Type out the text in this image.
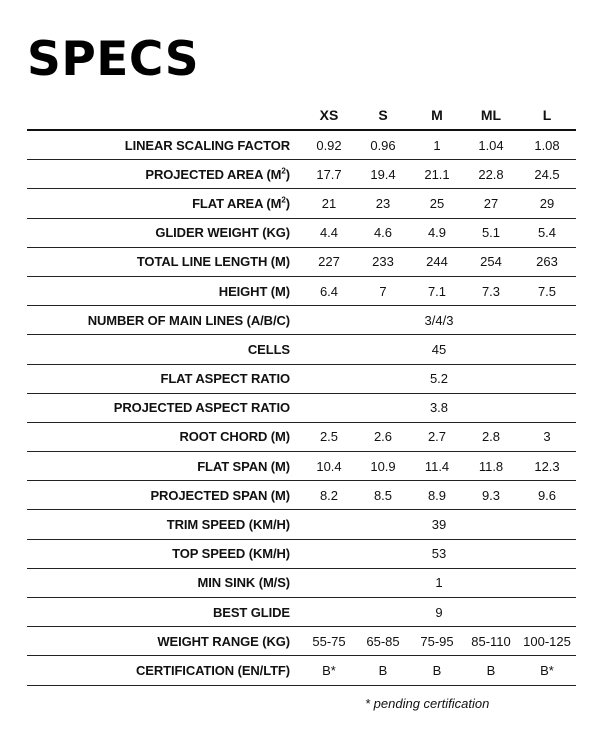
SPECS
	XS	S	M	ML	L
LINEAR SCALING FACTOR	0.92	0.96	1	1.04	1.08
PROJECTED AREA $(M^2)$	17.7	19.4	21.1	22.8	24.5
FLAT AREA $(M^2)$	21	23	25	27	29
GLIDER WEIGHT (KG)	4.4	4.6	4.9	5.1	5.4
TOTAL LINE LENGTH (M)	227	233	244	254	263
HEIGHT (M)	6.4	7	7.1	7.3	7.5
NUMBER OF MAIN LINES (A/B/C)	3/4/3				
CELLS	45				
FLAT ASPECT RATIO	5.2				
PROJECTED ASPECT RATIO	3.8				
ROOT CHORD (M)	2.5	2.6	2.7	2.8	3
FLAT SPAN (M)	10.4	10.9	11.4	11.8	12.3
PROJECTED SPAN (M)	8.2	8.5	8.9	9.3	9.6
TRIM SPEED (KM/H)	39				
TOP SPEED (KM/H)	53				
MIN SINK (M/S)	1				
BEST GLIDE	9				
WEIGHT RANGE (KG)	55-75	65-85	75-95	85-110	100-125
CERTIFICATION (EN/LTF)	B*	B	B	B	B*
* pending certification
